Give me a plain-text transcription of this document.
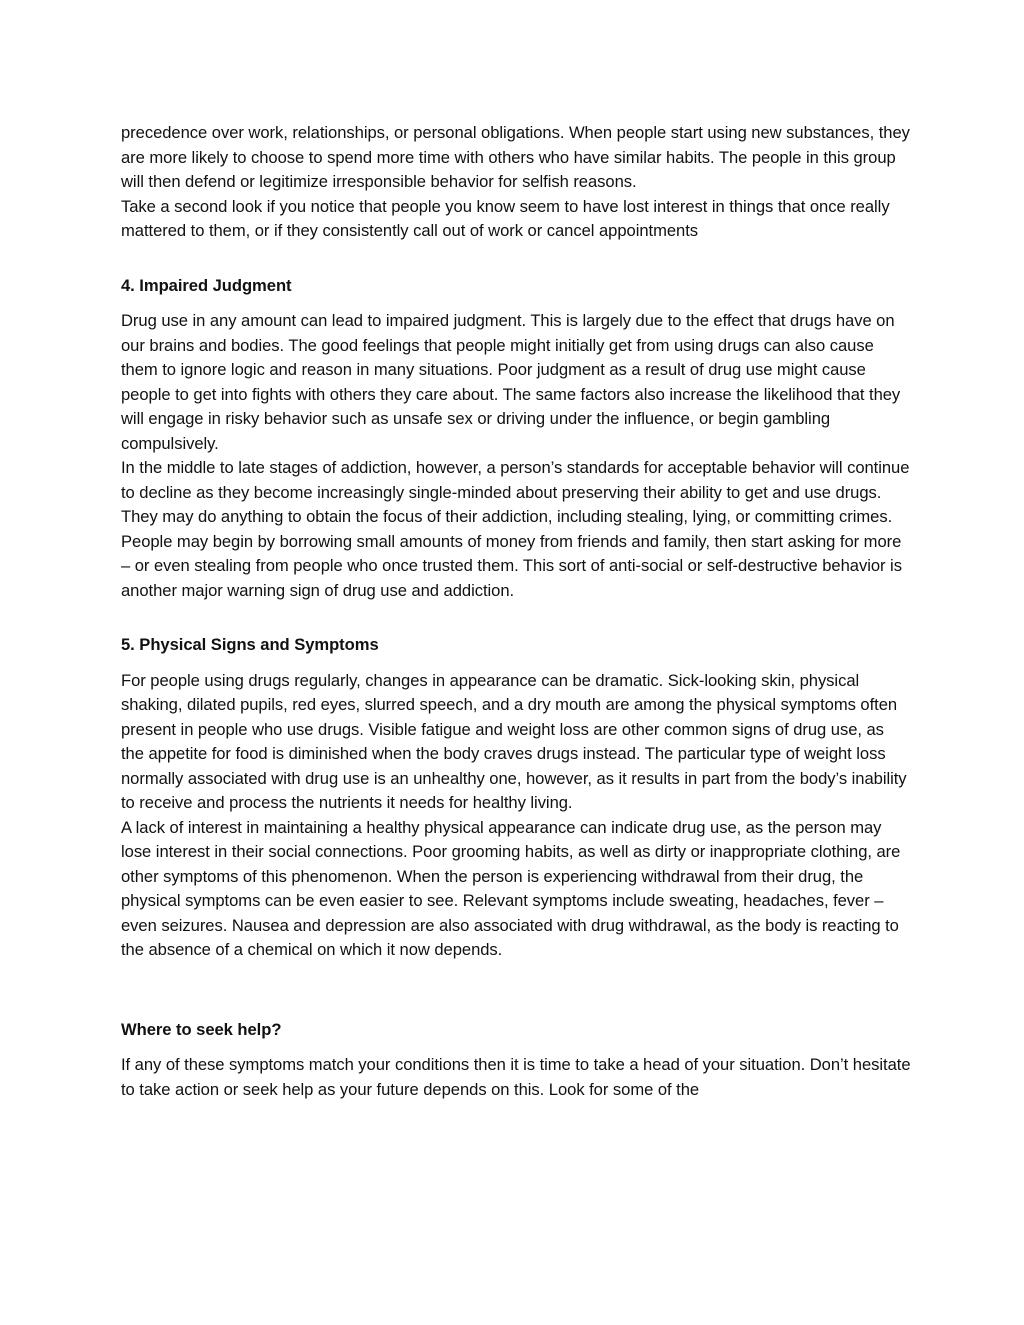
precedence over work, relationships, or personal obligations. When people start using new substances, they are more likely to choose to spend more time with others who have similar habits. The people in this group will then defend or legitimize irresponsible behavior for selfish reasons.

Take a second look if you notice that people you know seem to have lost interest in things that once really mattered to them, or if they consistently call out of work or cancel appointments

4. Impaired Judgment

Drug use in any amount can lead to impaired judgment. This is largely due to the effect that drugs have on our brains and bodies. The good feelings that people might initially get from using drugs can also cause them to ignore logic and reason in many situations. Poor judgment as a result of drug use might cause people to get into fights with others they care about. The same factors also increase the likelihood that they will engage in risky behavior such as unsafe sex or driving under the influence, or begin gambling compulsively.

In the middle to late stages of addiction, however, a person’s standards for acceptable behavior will continue to decline as they become increasingly single-minded about preserving their ability to get and use drugs. They may do anything to obtain the focus of their addiction, including stealing, lying, or committing crimes. People may begin by borrowing small amounts of money from friends and family, then start asking for more – or even stealing from people who once trusted them. This sort of anti-social or self-destructive behavior is another major warning sign of drug use and addiction.

5. Physical Signs and Symptoms

For people using drugs regularly, changes in appearance can be dramatic. Sick-looking skin, physical shaking, dilated pupils, red eyes, slurred speech, and a dry mouth are among the physical symptoms often present in people who use drugs. Visible fatigue and weight loss are other common signs of drug use, as the appetite for food is diminished when the body craves drugs instead. The particular type of weight loss normally associated with drug use is an unhealthy one, however, as it results in part from the body’s inability to receive and process the nutrients it needs for healthy living.

A lack of interest in maintaining a healthy physical appearance can indicate drug use, as the person may lose interest in their social connections. Poor grooming habits, as well as dirty or inappropriate clothing, are other symptoms of this phenomenon. When the person is experiencing withdrawal from their drug, the physical symptoms can be even easier to see. Relevant symptoms include sweating, headaches, fever – even seizures. Nausea and depression are also associated with drug withdrawal, as the body is reacting to the absence of a chemical on which it now depends.

Where to seek help?

If any of these symptoms match your conditions then it is time to take a head of your situation. Don’t hesitate to take action or seek help as your future depends on this. Look for some of the
